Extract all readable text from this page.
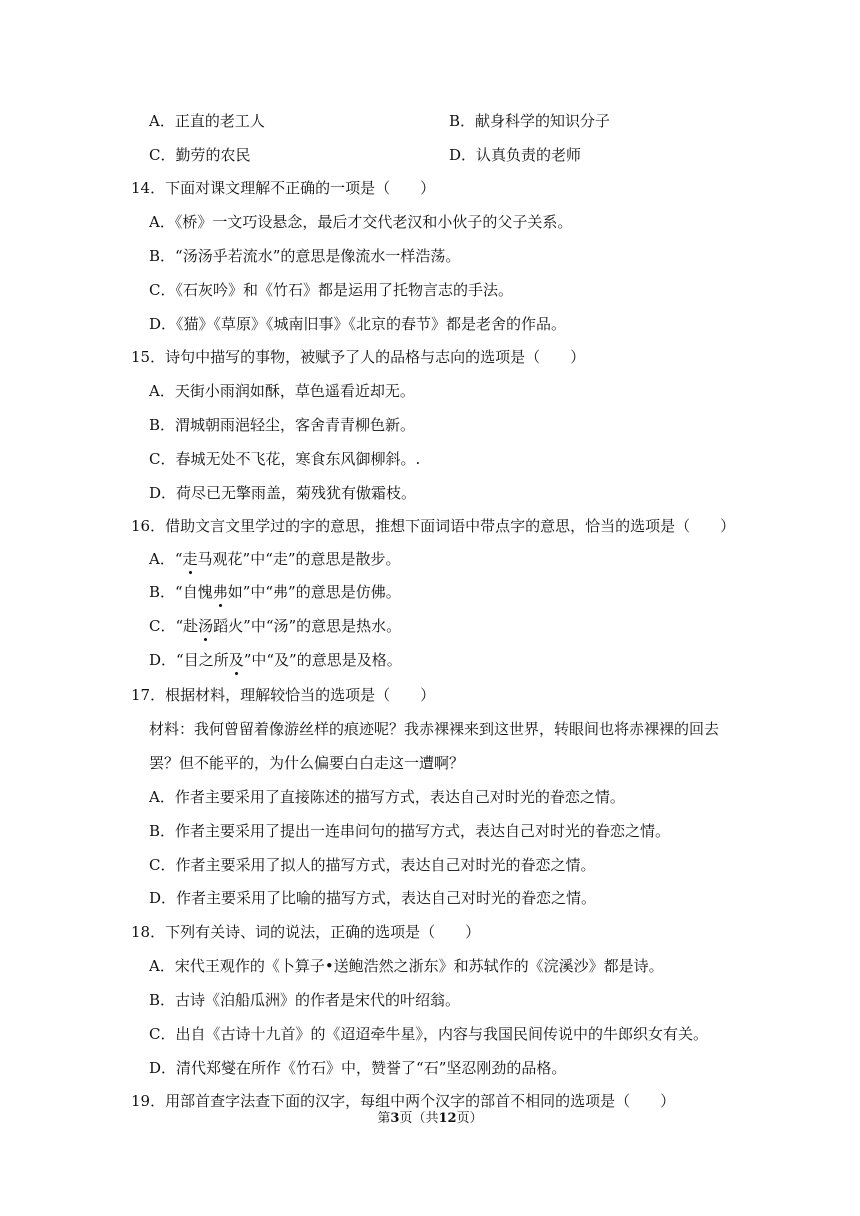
A．正直的老工人	B．献身科学的知识分子
C．勤劳的农民	D．认真负责的老师
14．下面对课文理解不正确的一项是（　　）
A．《桥》一文巧设悬念，最后才交代老汉和小伙子的父子关系。
B．“汤汤乎若流水”的意思是像流水一样浩荡。
C．《石灰吟》和《竹石》都是运用了托物言志的手法。
D．《猫》《草原》《城南旧事》《北京的春节》都是老舍的作品。
15．诗句中描写的事物，被赋予了人的品格与志向的选项是（　　）
A．天街小雨润如酥，草色遥看近却无。
B．渭城朝雨浥轻尘，客舍青青柳色新。
C．春城无处不飞花，寒食东风御柳斜。.
D．荷尽已无擎雨盖，菊残犹有傲霜枝。
16．借助文言文里学过的字的意思，推想下面词语中带点字的意思，恰当的选项是（　　）
A．“走马观花”中“走”的意思是散步。
B．“自愧弗如”中“弗”的意思是仿佛。
C．“赴汤蹈火”中“汤”的意思是热水。
D．“目之所及”中“及”的意思是及格。
17．根据材料，理解较恰当的选项是（　　）
材料：我何曾留着像游丝样的痕迹呢？我赤裸裸来到这世界，转眼间也将赤裸裸的回去
罢？但不能平的，为什么偏要白白走这一遭啊？
A．作者主要采用了直接陈述的描写方式，表达自己对时光的眷恋之情。
B．作者主要采用了提出一连串问句的描写方式，表达自己对时光的眷恋之情。
C．作者主要采用了拟人的描写方式，表达自己对时光的眷恋之情。
D．作者主要采用了比喻的描写方式，表达自己对时光的眷恋之情。
18．下列有关诗、词的说法，正确的选项是（　　）
A．宋代王观作的《卜算子•送鲍浩然之浙东》和苏轼作的《浣溪沙》都是诗。
B．古诗《泊船瓜洲》的作者是宋代的叶绍翁。
C．出自《古诗十九首》的《迢迢牵牛星》，内容与我国民间传说中的牛郎织女有关。
D．清代郑燮在所作《竹石》中，赞誉了“石”坚忍刚劲的品格。
19．用部首查字法查下面的汉字，每组中两个汉字的部首不相同的选项是（　　）
第3页（共12页）
